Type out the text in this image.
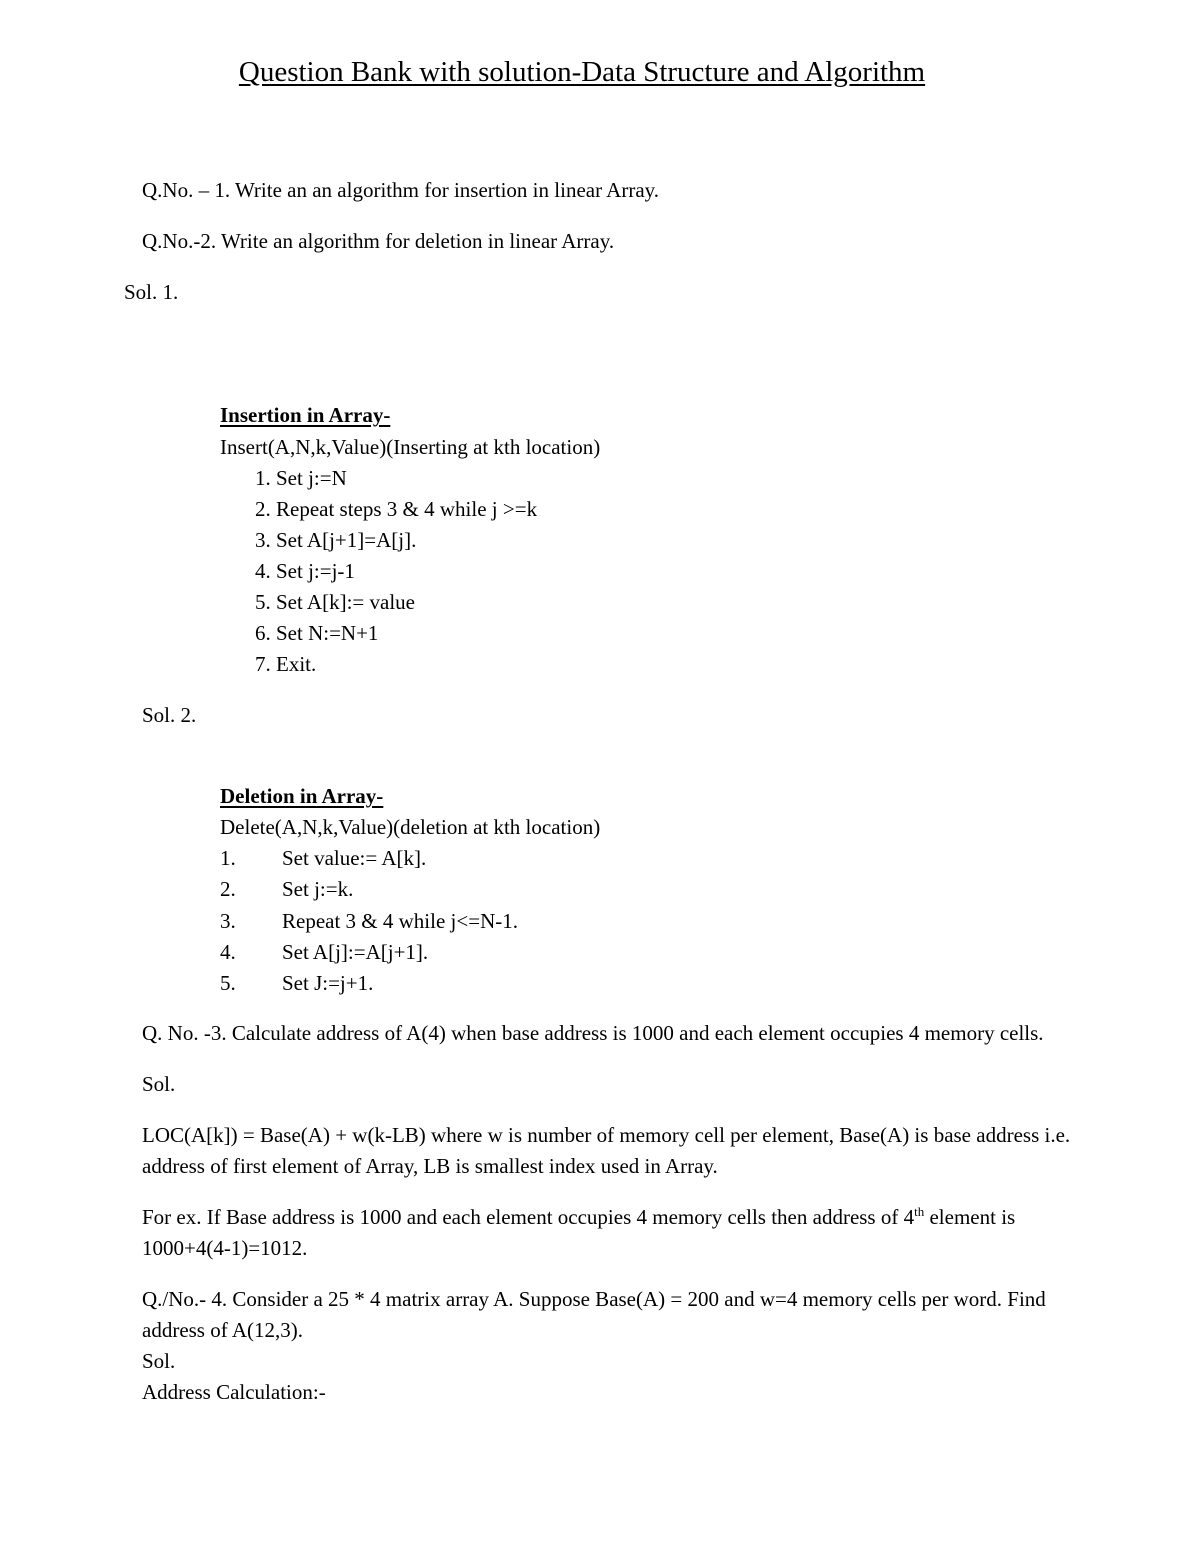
Question Bank with solution-Data Structure and Algorithm
Q.No. – 1. Write an an algorithm for insertion in linear Array.
Q.No.-2. Write an algorithm for deletion in linear Array.
Sol. 1.
Insertion in Array-
Insert(A,N,k,Value)(Inserting at kth location)
1. Set j:=N
2. Repeat steps 3 & 4 while j >=k
3. Set A[j+1]=A[j].
4. Set j:=j-1
5. Set A[k]:= value
6. Set N:=N+1
7. Exit.
Sol. 2.
Deletion in Array-
Delete(A,N,k,Value)(deletion at kth location)
1. Set value:= A[k].
2. Set j:=k.
3. Repeat 3 & 4 while j<=N-1.
4. Set A[j]:=A[j+1].
5. Set J:=j+1.
Q. No. -3. Calculate address of A(4) when base address is 1000 and each element occupies 4 memory cells.
Sol.
LOC(A[k]) = Base(A) + w(k-LB) where w is number of memory cell per element, Base(A) is base address i.e.
address of first element of Array, LB is smallest index used in Array.
For ex. If Base address is 1000 and each element occupies 4 memory cells then address of 4th element is
1000+4(4-1)=1012.
Q./No.- 4. Consider a 25 * 4 matrix array A. Suppose Base(A) = 200 and w=4 memory cells per word. Find
address of A(12,3).
Sol.
Address Calculation:-
